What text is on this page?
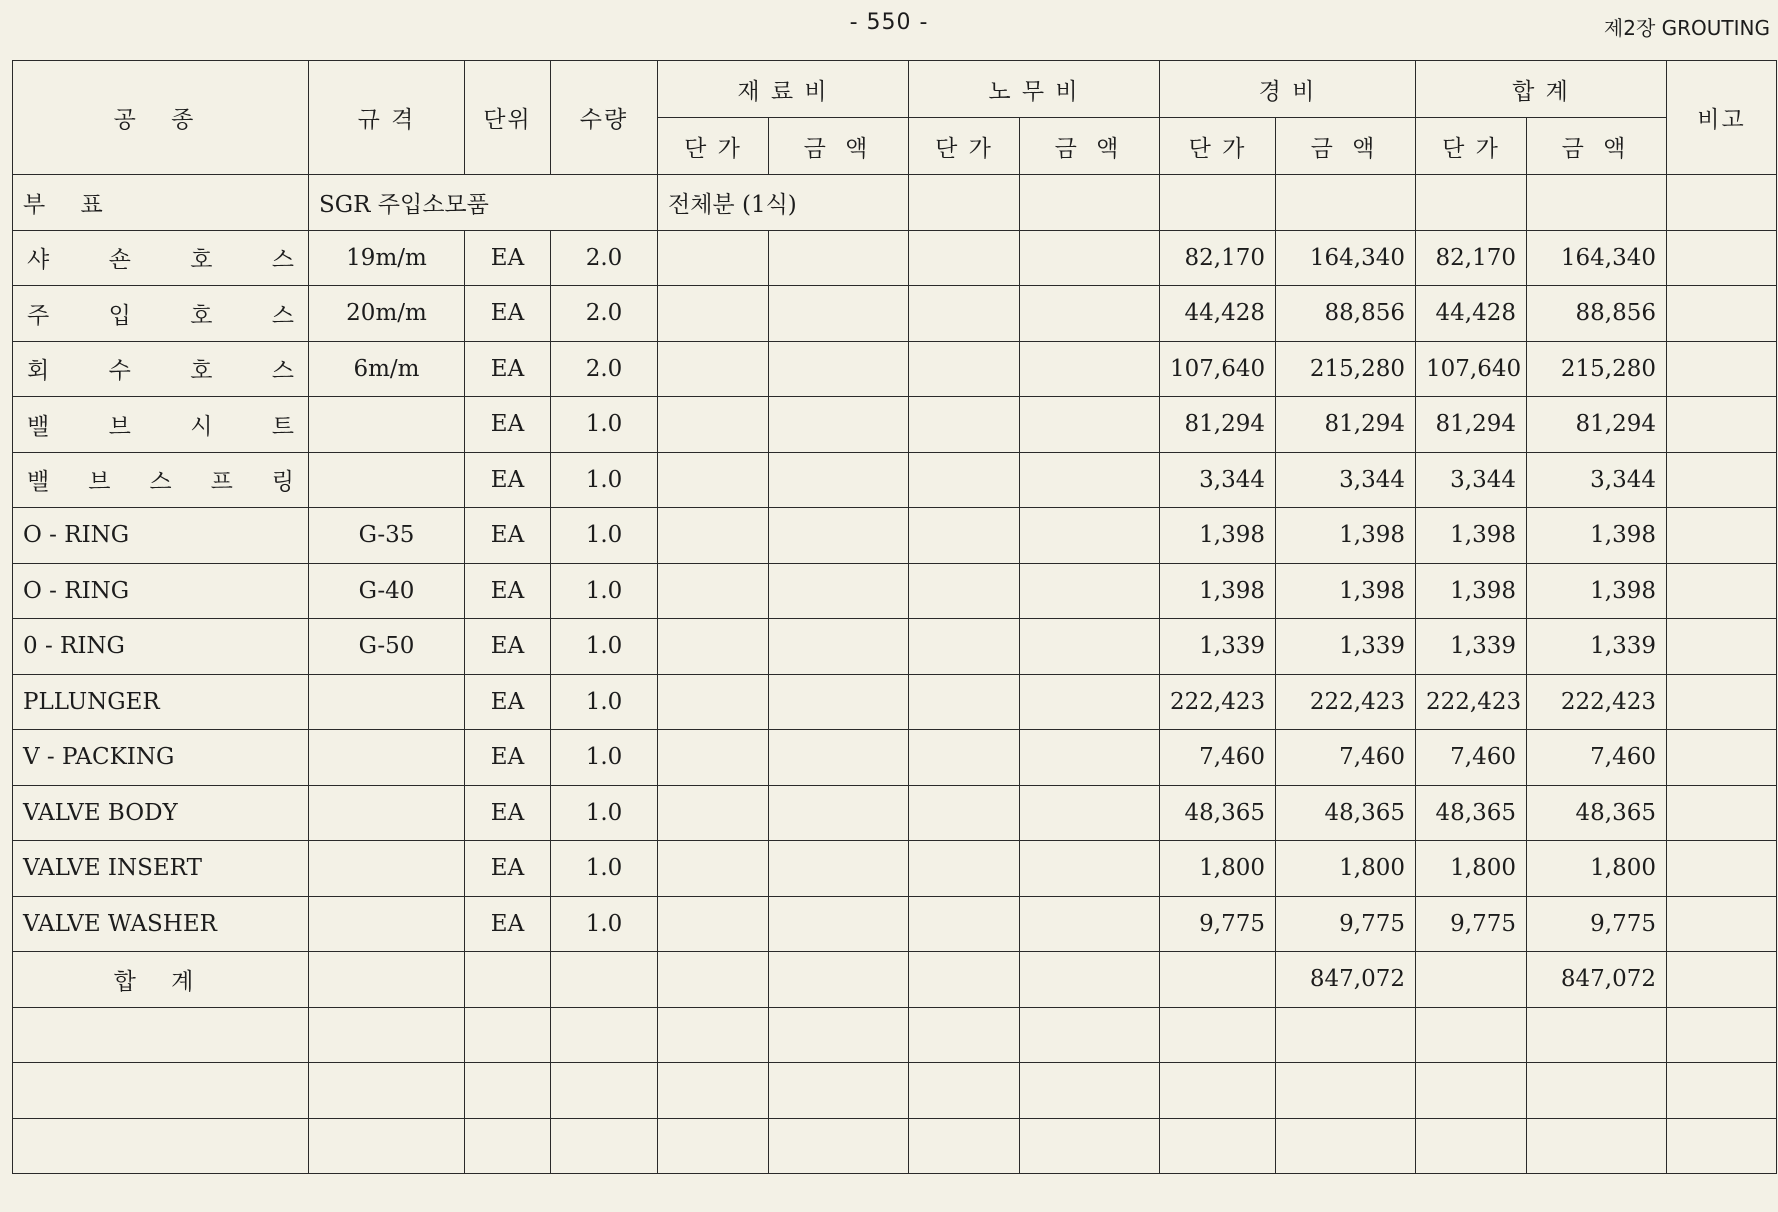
- 550 -	제2장 GROUTING
공 종	규 격	단위	수량	재 료 비		노 무 비		경 비		합 계		비고
				단 가	금 액	단 가	금 액	단 가	금 액	단 가	금 액	
부 표	SGR 주입소모품			전체분 (1식)								

샤 숀 호 스	19m/m	EA	2.0					82,170	164,340	82,170	164,340	

주 입 호 스	20m/m	EA	2.0					44,428	88,856	44,428	88,856	

회 수 호 스	6m/m	EA	2.0					107,640	215,280	107,640	215,280	

밸 브 시 트		EA	1.0					81,294	81,294	81,294	81,294	

밸 브 스 프 링		EA	1.0					3,344	3,344	3,344	3,344	
O - RING	G-35	EA	1.0					1,398	1,398	1,398	1,398	
O - RING	G-40	EA	1.0					1,398	1,398	1,398	1,398	
0 - RING	G-50	EA	1.0					1,339	1,339	1,339	1,339	
PLLUNGER		EA	1.0					222,423	222,423	222,423	222,423	
V - PACKING		EA	1.0					7,460	7,460	7,460	7,460	
VALVE BODY		EA	1.0					48,365	48,365	48,365	48,365	
VALVE INSERT		EA	1.0					1,800	1,800	1,800	1,800	
VALVE WASHER		EA	1.0					9,775	9,775	9,775	9,775	
합 계									847,072		847,072	
